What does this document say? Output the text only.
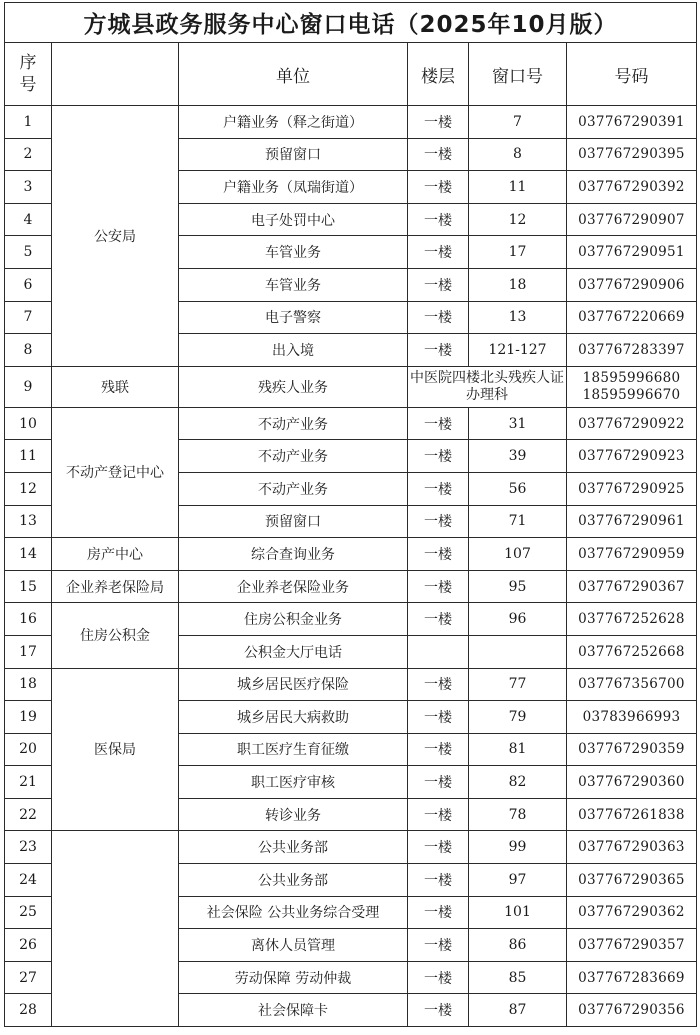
方城县政务服务中心窗口电话（2025年10月版）					
序
号		单位	楼层	窗口号	号码
1	公安局	户籍业务（释之街道）	一楼	7	037767290391
2		预留窗口	一楼	8	037767290395
3		户籍业务（凤瑞街道）	一楼	11	037767290392
4		电子处罚中心	一楼	12	037767290907
5		车管业务	一楼	17	037767290951
6		车管业务	一楼	18	037767290906
7		电子警察	一楼	13	037767220669
8		出入境	一楼	121-127	037767283397
9	残联	残疾人业务	中医院四楼北头残疾人证办理科		18595996680
18595996670
10	不动产登记中心	不动产业务	一楼	31	037767290922
11		不动产业务	一楼	39	037767290923
12		不动产业务	一楼	56	037767290925
13		预留窗口	一楼	71	037767290961
14	房产中心	综合查询业务	一楼	107	037767290959
15	企业养老保险局	企业养老保险业务	一楼	95	037767290367
16	住房公积金	住房公积金业务	一楼	96	037767252628
17		公积金大厅电话			037767252668
18	医保局	城乡居民医疗保险	一楼	77	037767356700
19		城乡居民大病救助	一楼	79	03783966993
20		职工医疗生育征缴	一楼	81	037767290359
21		职工医疗审核	一楼	82	037767290360
22		转诊业务	一楼	78	037767261838
23		公共业务部	一楼	99	037767290363
24		公共业务部	一楼	97	037767290365
25		社会保险 公共业务综合受理	一楼	101	037767290362
26		离休人员管理	一楼	86	037767290357
27		劳动保障 劳动仲裁	一楼	85	037767283669
28		社会保障卡	一楼	87	037767290356
